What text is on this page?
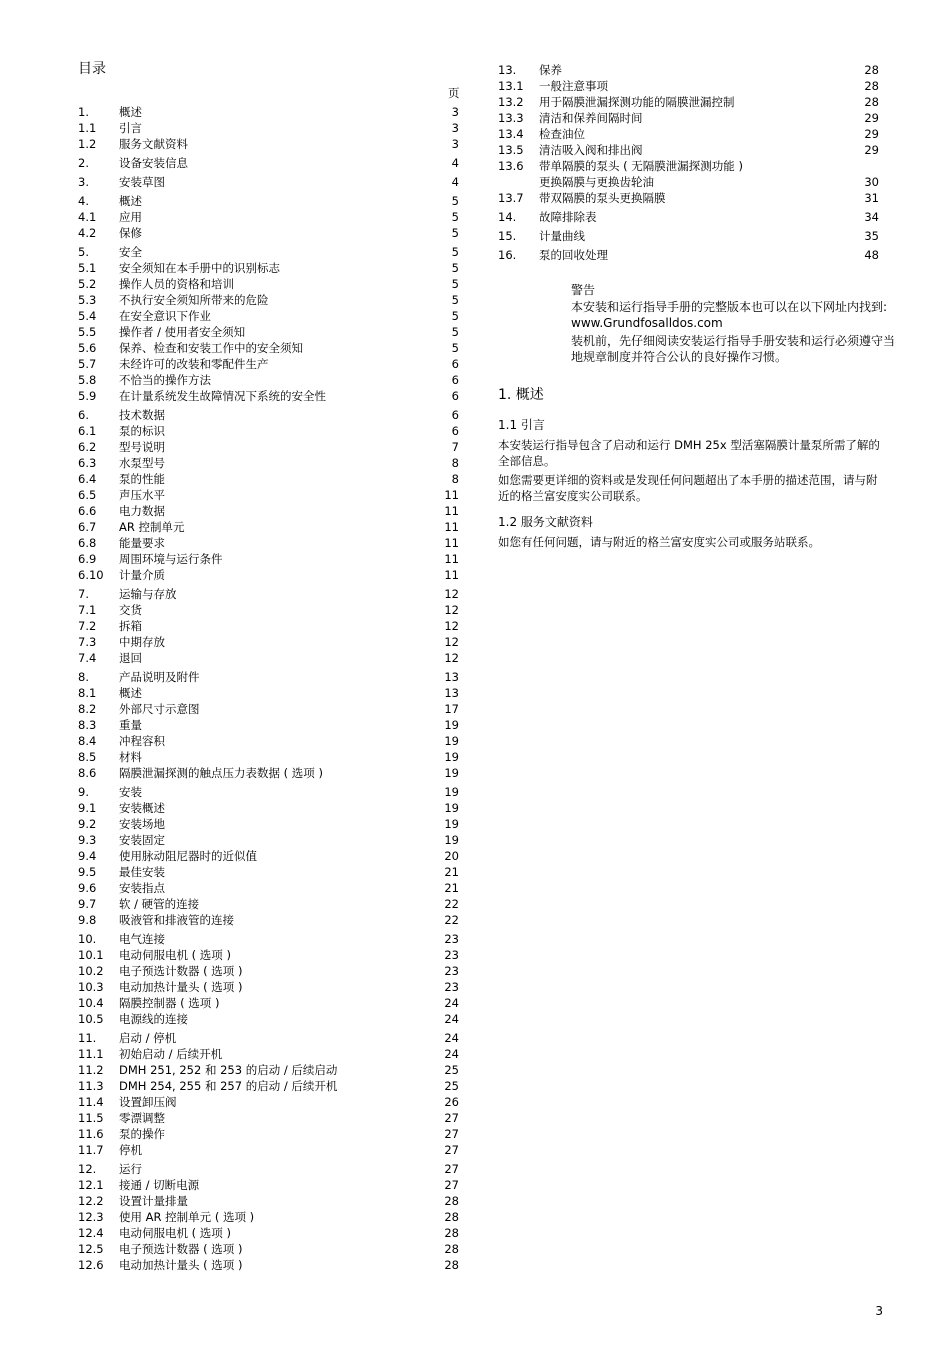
目录
页
1.	概述	3
1.1	引言	3
1.2	服务文献资料	3
2.	设备安装信息	4
3.	安装草图	4
4.	概述	5
4.1	应用	5
4.2	保修	5
5.	安全	5
5.1	安全须知在本手册中的识别标志	5
5.2	操作人员的资格和培训	5
5.3	不执行安全须知所带来的危险	5
5.4	在安全意识下作业	5
5.5	操作者 / 使用者安全须知	5
5.6	保养、检查和安装工作中的安全须知	5
5.7	未经许可的改装和零配件生产	6
5.8	不恰当的操作方法	6
5.9	在计量系统发生故障情况下系统的安全性	6
6.	技术数据	6
6.1	泵的标识	6
6.2	型号说明	7
6.3	水泵型号	8
6.4	泵的性能	8
6.5	声压水平	11
6.6	电力数据	11
6.7	AR 控制单元	11
6.8	能量要求	11
6.9	周围环境与运行条件	11
6.10	计量介质	11
7.	运输与存放	12
7.1	交货	12
7.2	拆箱	12
7.3	中期存放	12
7.4	退回	12
8.	产品说明及附件	13
8.1	概述	13
8.2	外部尺寸示意图	17
8.3	重量	19
8.4	冲程容积	19
8.5	材料	19
8.6	隔膜泄漏探测的触点压力表数据 ( 选项 )	19
9.	安装	19
9.1	安装概述	19
9.2	安装场地	19
9.3	安装固定	19
9.4	使用脉动阻尼器时的近似值	20
9.5	最佳安装	21
9.6	安装指点	21
9.7	软 / 硬管的连接	22
9.8	吸液管和排液管的连接	22
10.	电气连接	23
10.1	电动伺服电机 ( 选项 )	23
10.2	电子预选计数器 ( 选项 )	23
10.3	电动加热计量头 ( 选项 )	23
10.4	隔膜控制器 ( 选项 )	24
10.5	电源线的连接	24
11.	启动 / 停机	24
11.1	初始启动 / 后续开机	24
11.2	DMH 251, 252 和 253 的启动 / 后续启动	25
11.3	DMH 254, 255 和 257 的启动 / 后续开机	25
11.4	设置卸压阀	26
11.5	零漂调整	27
11.6	泵的操作	27
11.7	停机	27
12.	运行	27
12.1	接通 / 切断电源	27
12.2	设置计量排量	28
12.3	使用 AR 控制单元 ( 选项 )	28
12.4	电动伺服电机 ( 选项 )	28
12.5	电子预选计数器 ( 选项 )	28
12.6	电动加热计量头 ( 选项 )	28
13.	保养	28
13.1	一般注意事项	28
13.2	用于隔膜泄漏探测功能的隔膜泄漏控制	28
13.3	清洁和保养间隔时间	29
13.4	检查油位	29
13.5	清洁吸入阀和排出阀	29
13.6	带单隔膜的泵头 ( 无隔膜泄漏探测功能 )
更换隔膜与更换齿轮油	30
13.7	带双隔膜的泵头更换隔膜	31
14.	故障排除表	34
15.	计量曲线	35
16.	泵的回收处理	48
警告

本安装和运行指导手册的完整版本也可以在以下网址内找到: www.Grundfosalldos.com

装机前，先仔细阅读安装运行指导手册安装和运行必须遵守当地规章制度并符合公认的良好操作习惯。

1. 概述
1.1 引言

本安装运行指导包含了启动和运行 DMH 25x 型活塞隔膜计量泵所需了解的全部信息。

如您需要更详细的资料或是发现任何问题超出了本手册的描述范围，请与附近的格兰富安度实公司联系。

1.2 服务文献资料

如您有任何问题，请与附近的格兰富安度实公司或服务站联系。

3
